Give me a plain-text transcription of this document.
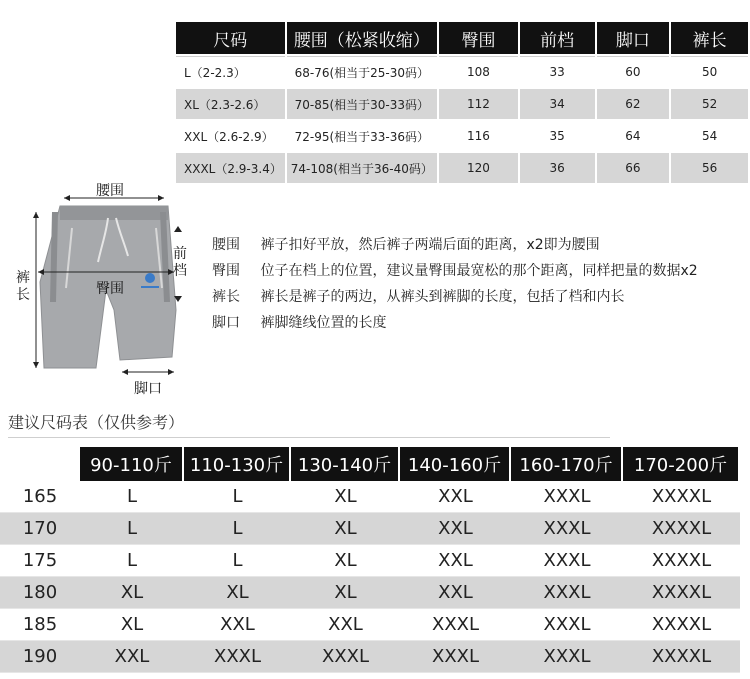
尺码	腰围（松紧收缩）	臀围	前档	脚口	裤长
L（2-2.3）	68-76(相当于25-30码）	108	33	60	50
XL（2.3-2.6）	70-85(相当于30-33码）	112	34	62	52
XXL（2.6-2.9）	72-95(相当于33-36码）	116	35	64	54
XXXL（2.9-3.4）	74-108(相当于36-40码）	120	36	66	56
腰围
臀围
裤长
前档
脚口
腰围 裤子扣好平放，然后裤子两端后面的距离，x2即为腰围
臀围 位子在档上的位置，建议量臀围最宽松的那个距离，同样把量的数据x2
裤长 裤长是裤子的两边，从裤头到裤脚的长度，包括了档和内长
脚口 裤脚缝线位置的长度
建议尺码表（仅供参考）
	90-110斤	110-130斤	130-140斤	140-160斤	160-170斤	170-200斤
165	L	L	XL	XXL	XXXL	XXXXL
170	L	L	XL	XXL	XXXL	XXXXL
175	L	L	XL	XXL	XXXL	XXXXL
180	XL	XL	XL	XXL	XXXL	XXXXL
185	XL	XXL	XXL	XXXL	XXXL	XXXXL
190	XXL	XXXL	XXXL	XXXL	XXXL	XXXXL
